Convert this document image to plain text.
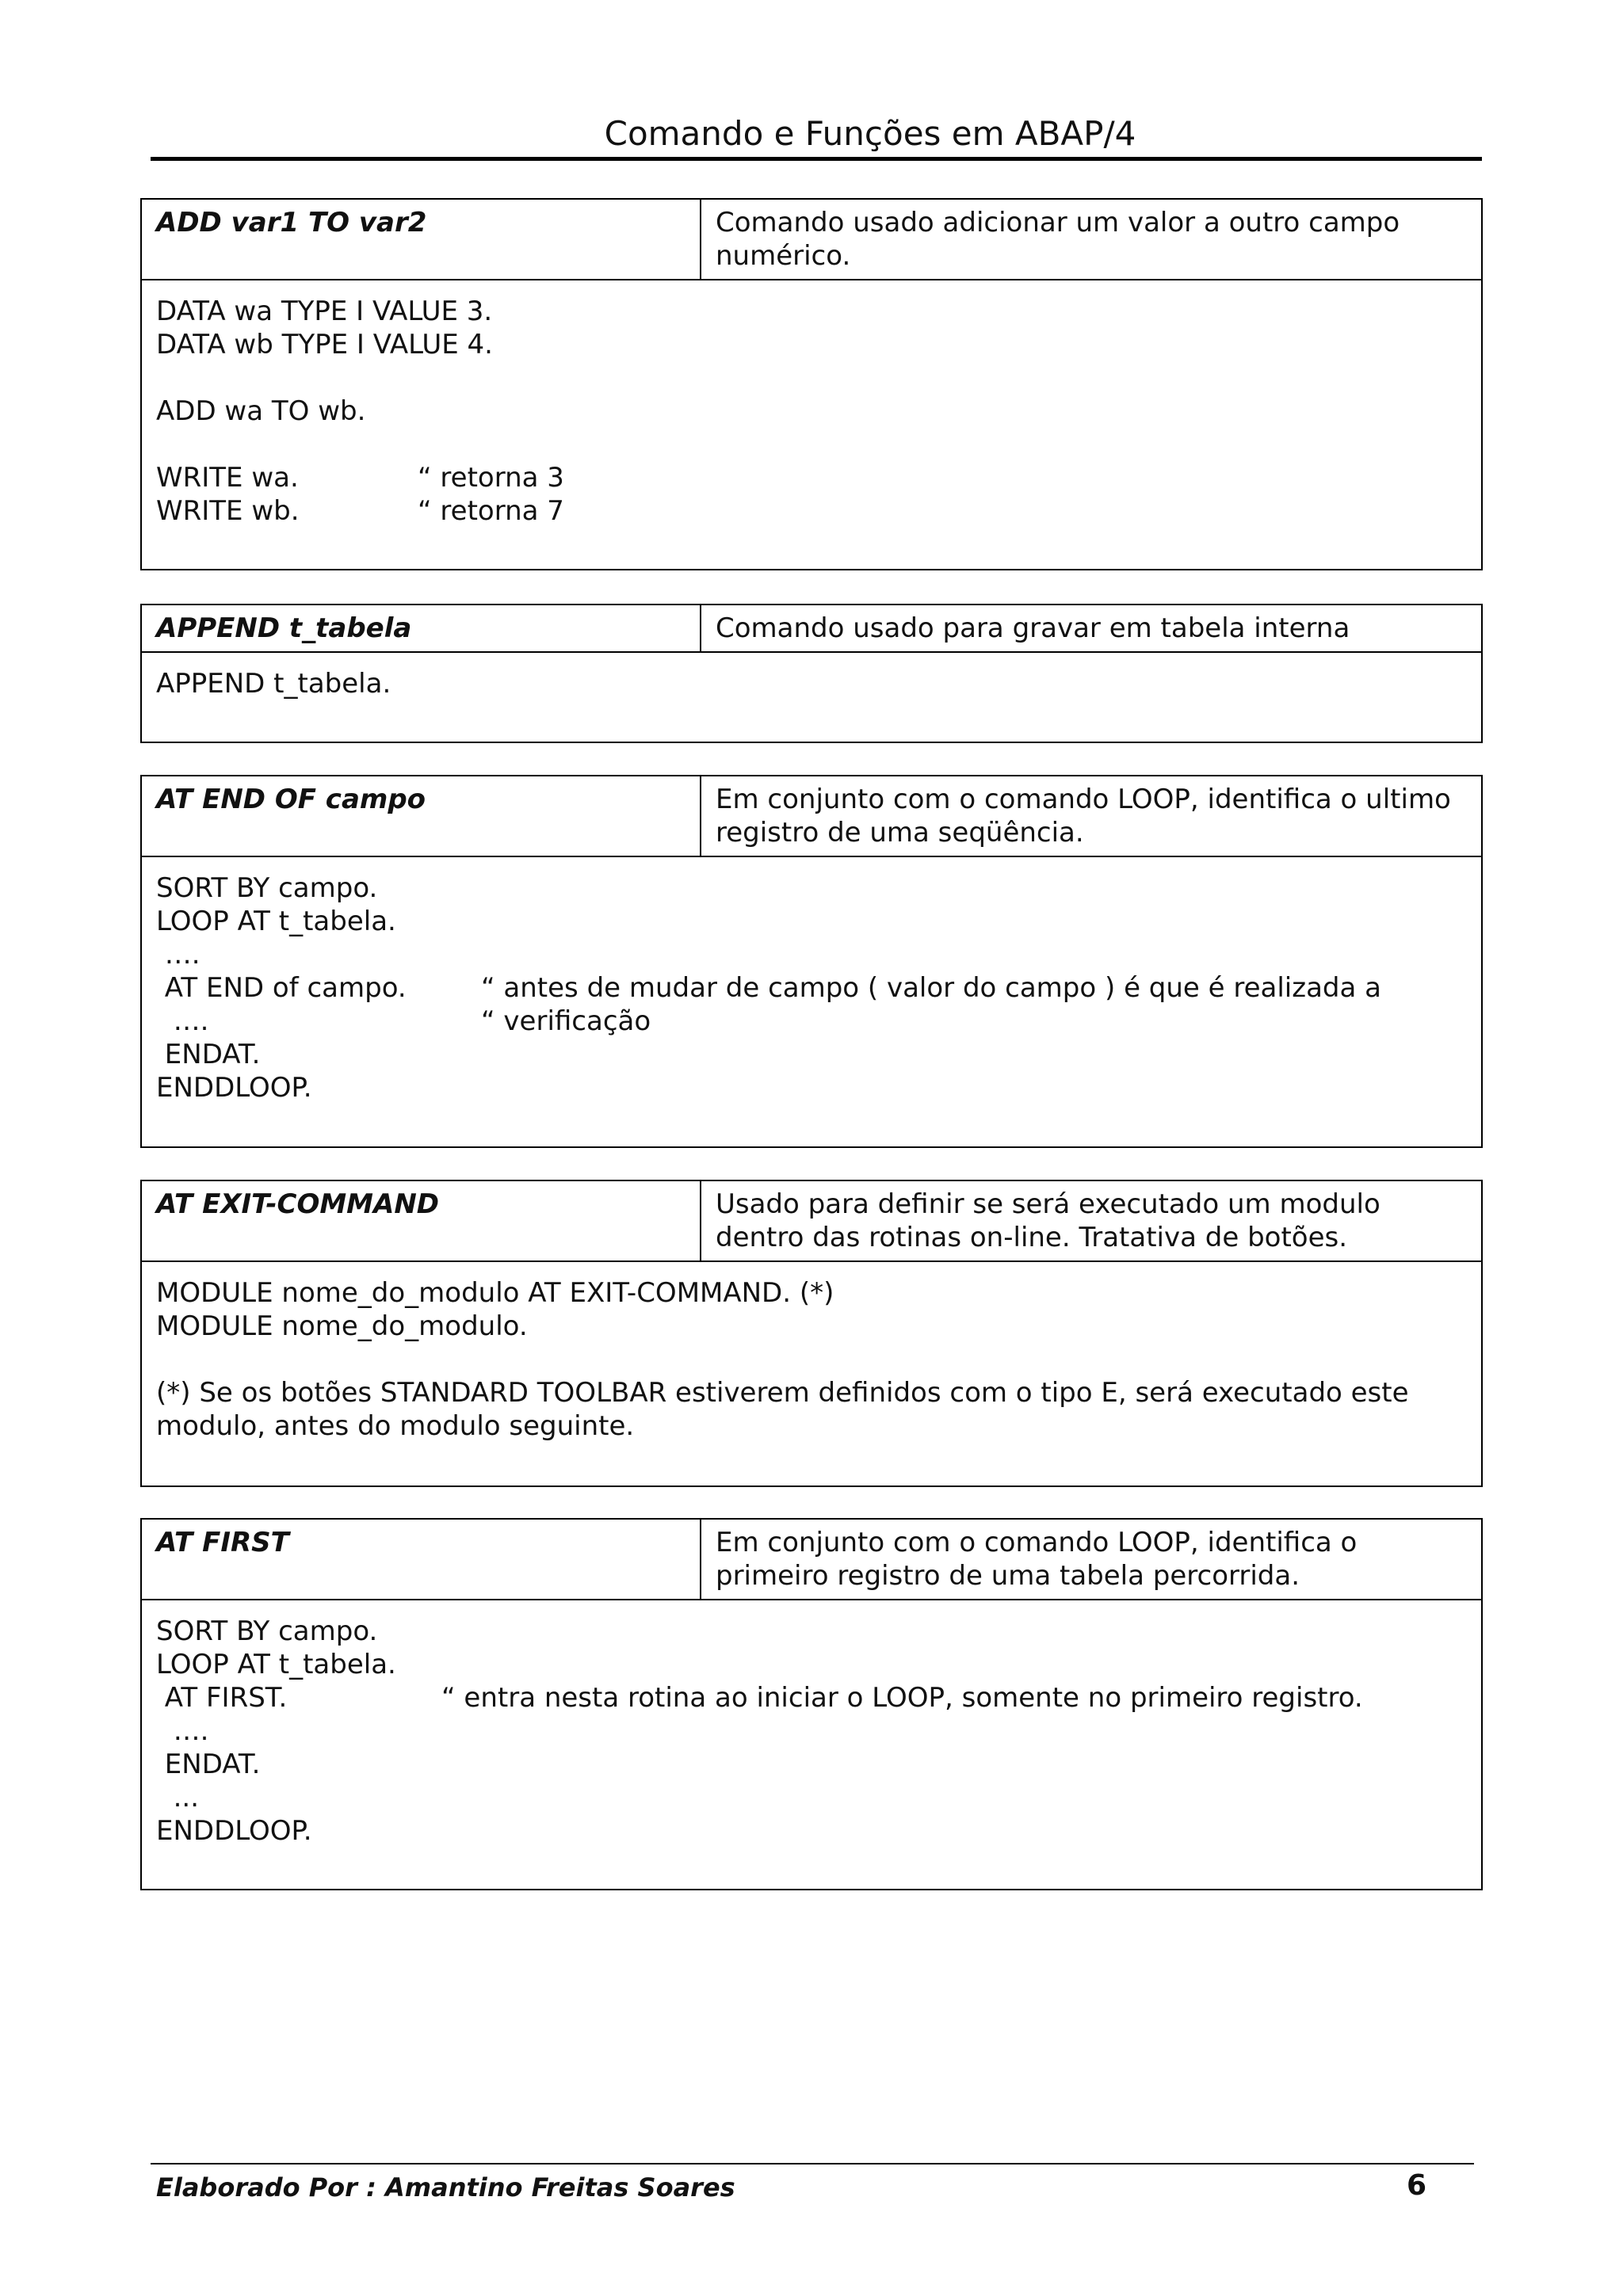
Comando e Funções em ABAP/4
ADD var1 TO var2	Comando usado adicionar um valor a outro campo
numérico.
DATA wa TYPE I VALUE 3.
DATA wb TYPE I VALUE 4.
ADD wa TO wb.
WRITE wa.	“ retorna 3
WRITE wb.	“ retorna 7
APPEND t_tabela	Comando usado para gravar em tabela interna
APPEND t_tabela.
AT END OF campo	Em conjunto com o comando LOOP, identifica o ultimo
registro de uma seqüência.
SORT BY campo.
LOOP AT t_tabela.
….
AT END of campo.	“ antes de mudar de campo ( valor do campo ) é que é realizada a
….	“ verificação
ENDAT.
ENDDLOOP.
AT EXIT-COMMAND	Usado para definir se será executado um modulo
dentro das rotinas on-line. Tratativa de botões.
MODULE nome_do_modulo AT EXIT-COMMAND. (*)
MODULE nome_do_modulo.
(*) Se os botões STANDARD TOOLBAR estiverem definidos com o tipo E, será executado este
modulo, antes do modulo seguinte.
AT FIRST	Em conjunto com o comando LOOP, identifica o
primeiro registro de uma tabela percorrida.
SORT BY campo.
LOOP AT t_tabela.
AT FIRST.	“ entra nesta rotina ao iniciar o LOOP, somente no primeiro registro.
….
ENDAT.
...
ENDDLOOP.
Elaborado Por : Amantino Freitas Soares	6
